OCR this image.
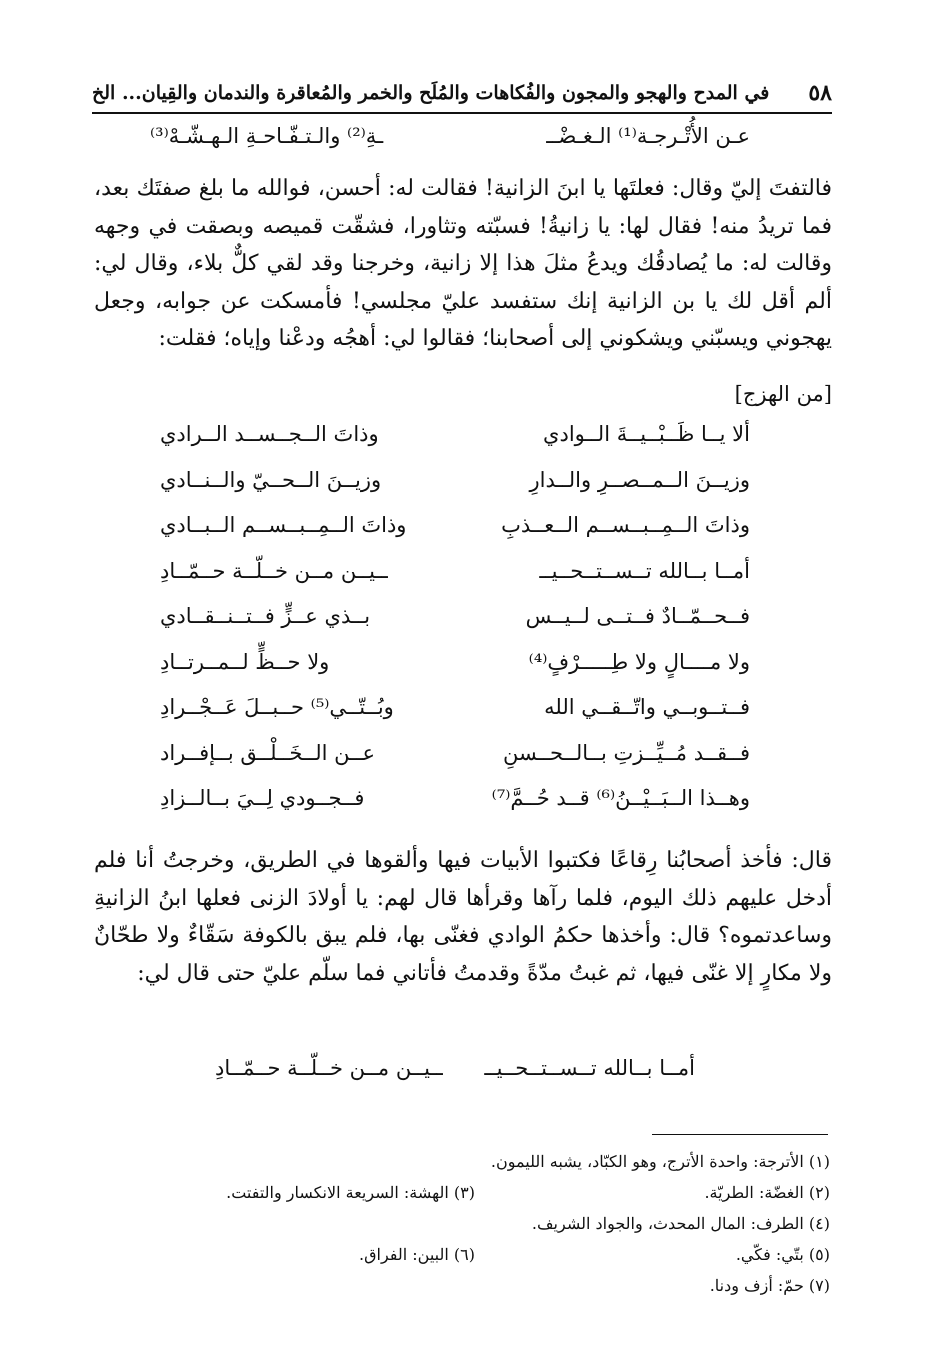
٥٨
في المدح والهجو والمجون والفُكاهات والمُلَح والخمر والمُعاقرة والندمان والقِيان... الخ
عـن الأُتْـرجـة⁽¹⁾ الـغـضْــ
ـةِ⁽²⁾ والـتـفّـاحـةِ الـهـشّـهْ⁽³⁾

فالتفتَ إليّ وقال: فعلتَها يا ابنَ الزانية! فقالت له: أحسن، فوالله ما بلغ صفتَك بعد، فما تريدُ منه! فقال لها: يا زانيةُ! فسبّته وتثاورا، فشقّت قميصه وبصقت في وجهه وقالت له: ما يُصادقُك ويدعُ مثلَ هذا إلا زانية، وخرجنا وقد لقي كلٌّ بلاء، وقال لي: ألم أقل لك يا بن الزانية إنك ستفسد عليّ مجلسي! فأمسكت عن جوابه، وجعل يهجوني ويسبّني ويشكوني إلى أصحابنا؛ فقالوا لي: أهجُه ودعْنا وإياه؛ فقلت:

[من الهزج]
ألا يــا ظَــبْــيــةَ الــوادي
وذاتَ الــجــســد الــرادي
وزيــنَ الــمــصــرِ والــدارِ
وزيــنَ الــحــيّ والــنــادي
وذاتَ الــمِــبــســم الــعــذبِ
وذاتَ الــمِــبــســم الــبــادي
أمــا بــالله تــســتــحــيــ
ــيــن مــن خــلّــة حــمّــادِ
فــحــمّــادٌ فــتــى لــيــس
بــذي عــزٍّ فــتــنــقــادي
ولا مــــالٍ ولا طِـــــرْفٍ⁽⁴⁾
ولا حــظٍّ لــمــرتــادِ
فــتــوبــي واتّــقــي الله
وبُــتّــي⁽⁵⁾ حــبــلَ عَــجْــرادِ
فــقــد مُــيِّــزتِ بــالــحــسنِ
عــن الــخَــلْــق بــإفــراد
وهــذا الــبَــيْــنُ⁽⁶⁾ قــد حُــمَّ⁽⁷⁾
فــجــودي لِــيَ بــالــزادِ

قال: فأخذ أصحابُنا رِقاعًا فكتبوا الأبيات فيها وألقوها في الطريق، وخرجتُ أنا فلم أدخل عليهم ذلك اليوم، فلما رآها وقرأها قال لهم: يا أولادَ الزنى فعلها ابنُ الزانيةِ وساعدتموه؟ قال: وأخذها حكمُ الوادي فغنّى بها، فلم يبق بالكوفة سَقّاءٌ ولا طحّانٌ ولا مكارٍ إلا غنّى فيها، ثم غبتُ مدّةً وقدمتُ فأتاني فما سلّم عليّ حتى قال لي:

أمــا بــالله تــســتــحــيــ
ــيــن مــن خــلّــة حــمّــادِ
(١) الأترجة: واحدة الأترج، وهو الكبّاد، يشبه الليمون.
(٢) الغضّة: الطريّة.
(٣) الهشة: السريعة الانكسار والتفتت.
(٤) الطرف: المال المحدث، والجواد الشريف.
(٥) بتّي: فكّي.
(٦) البين: الفراق.
(٧) حمّ: أزف ودنا.
